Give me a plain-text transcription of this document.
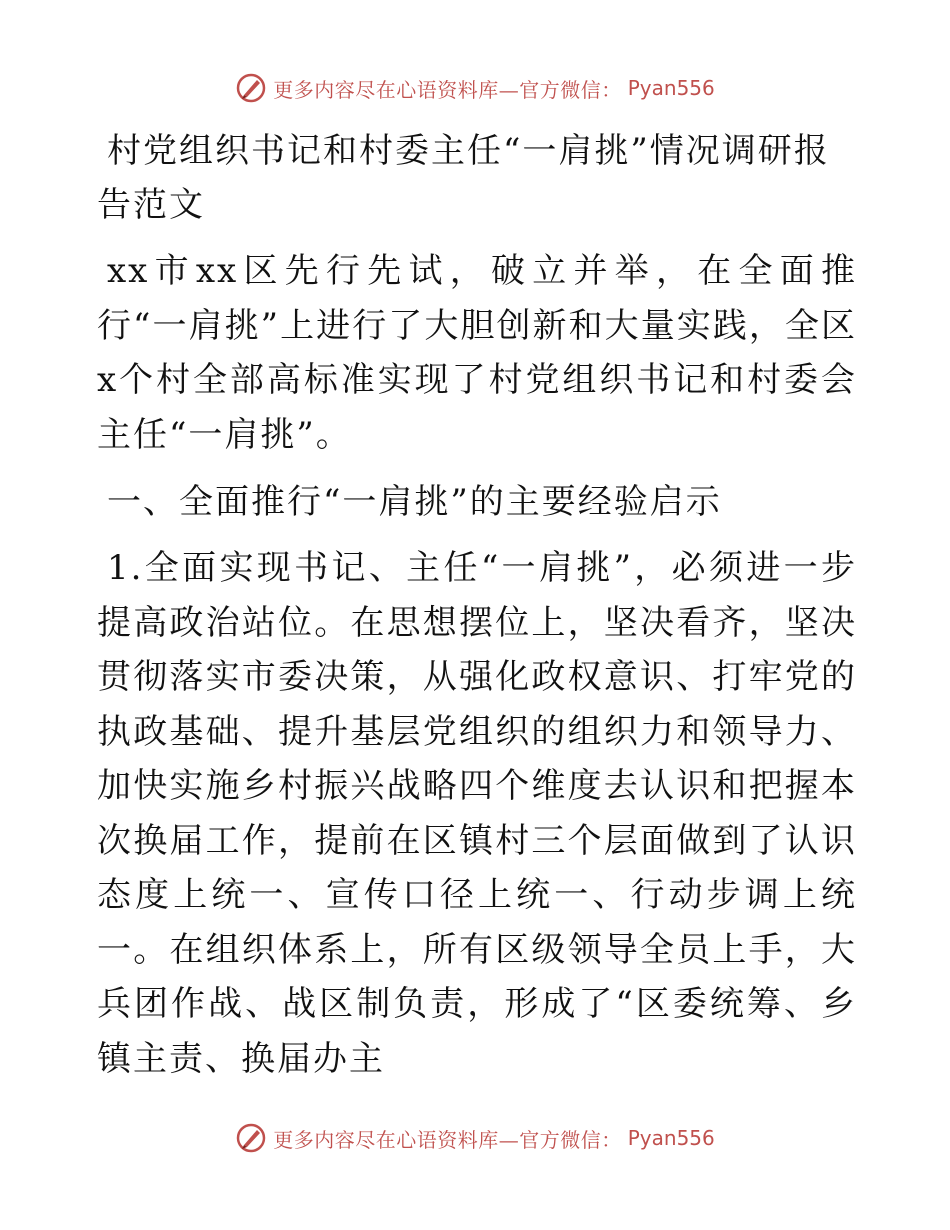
更多内容尽在心语资料库—官方微信： Pyan556
村党组织书记和村委主任“一肩挑”情况调研报告范文

xx市xx区先行先试，破立并举，在全面推行“一肩挑”上进行了大胆创新和大量实践，全区x个村全部高标准实现了村党组织书记和村委会主任“一肩挑”。

一、全面推行“一肩挑”的主要经验启示

1.全面实现书记、主任“一肩挑”，必须进一步提高政治站位。在思想摆位上，坚决看齐，坚决贯彻落实市委决策，从强化政权意识、打牢党的执政基础、提升基层党组织的组织力和领导力、加快实施乡村振兴战略四个维度去认识和把握本次换届工作，提前在区镇村三个层面做到了认识态度上统一、宣传口径上统一、行动步调上统一。在组织体系上，所有区级领导全员上手，大兵团作战、战区制负责，形成了“区委统筹、乡镇主责、换届办主

更多内容尽在心语资料库—官方微信： Pyan556
